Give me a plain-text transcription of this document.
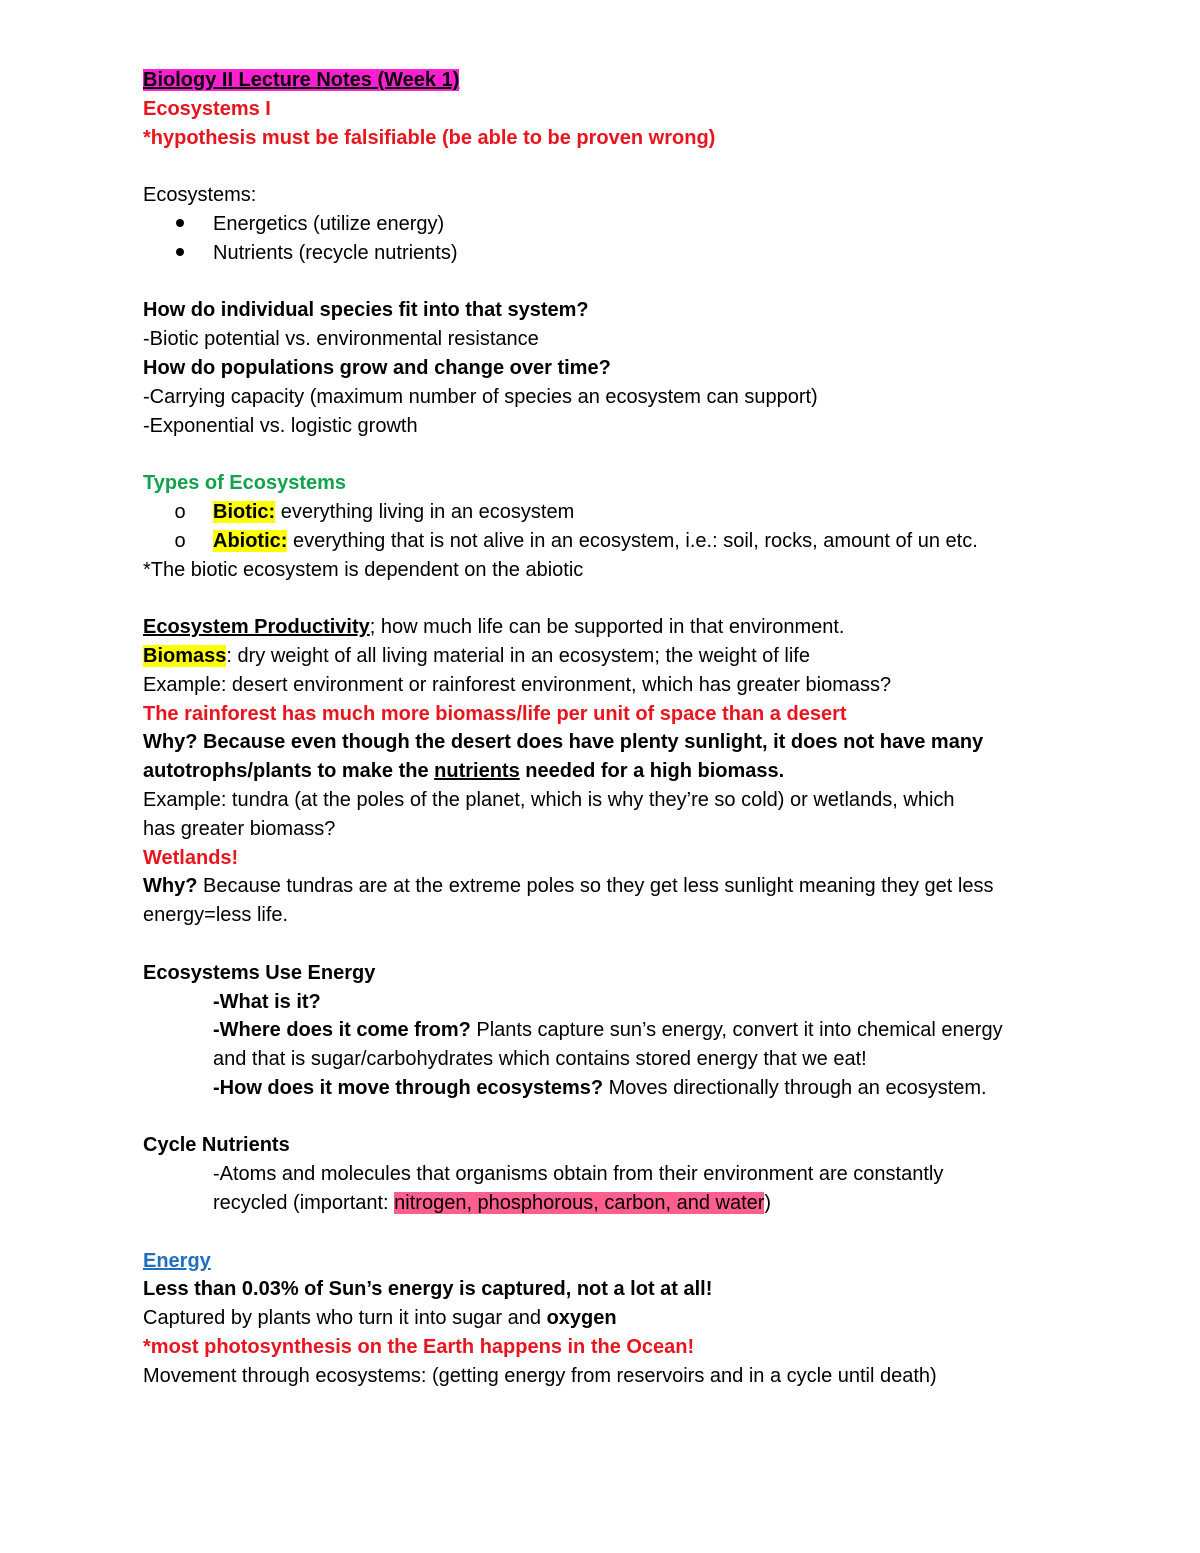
Biology II Lecture Notes (Week 1)
Ecosystems I
*hypothesis must be falsifiable (be able to be proven wrong)
Ecosystems:
Energetics (utilize energy)
Nutrients (recycle nutrients)
How do individual species fit into that system?
-Biotic potential vs. environmental resistance
How do populations grow and change over time?
-Carrying capacity (maximum number of species an ecosystem can support)
-Exponential vs. logistic growth
Types of Ecosystems
o Biotic: everything living in an ecosystem
o Abiotic: everything that is not alive in an ecosystem, i.e.: soil, rocks, amount of un etc.
*The biotic ecosystem is dependent on the abiotic
Ecosystem Productivity; how much life can be supported in that environment.
Biomass: dry weight of all living material in an ecosystem; the weight of life
Example: desert environment or rainforest environment, which has greater biomass?
The rainforest has much more biomass/life per unit of space than a desert
Why? Because even though the desert does have plenty sunlight, it does not have many
autotrophs/plants to make the nutrients needed for a high biomass.
Example: tundra (at the poles of the planet, which is why they’re so cold) or wetlands, which
has greater biomass?
Wetlands!
Why? Because tundras are at the extreme poles so they get less sunlight meaning they get less
energy=less life.
Ecosystems Use Energy
-What is it?
-Where does it come from? Plants capture sun’s energy, convert it into chemical energy
and that is sugar/carbohydrates which contains stored energy that we eat!
-How does it move through ecosystems? Moves directionally through an ecosystem.
Cycle Nutrients
-Atoms and molecules that organisms obtain from their environment are constantly
recycled (important: nitrogen, phosphorous, carbon, and water)
Energy
Less than 0.03% of Sun’s energy is captured, not a lot at all!
Captured by plants who turn it into sugar and oxygen
*most photosynthesis on the Earth happens in the Ocean!
Movement through ecosystems: (getting energy from reservoirs and in a cycle until death)
